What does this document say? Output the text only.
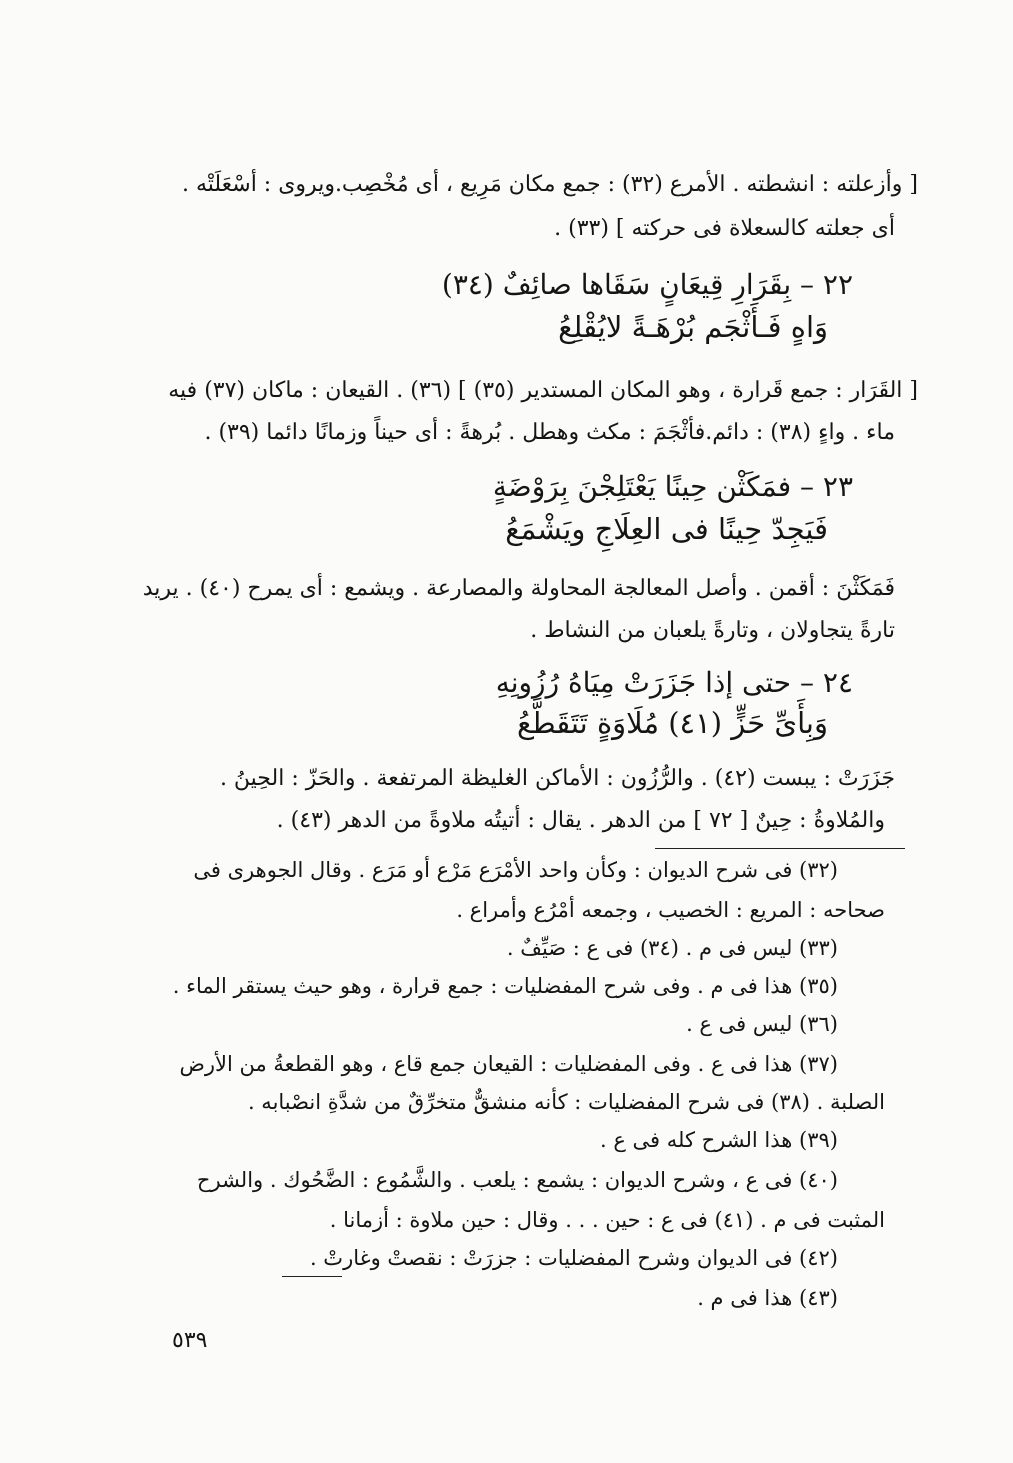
[ وأزعلته : انشطته . الأمرع (٣٢) : جمع مكان مَرِيع ، أى مُخْصِب.ويروى : أسْعَلَتْه .
أى جعلته كالسعلاة فى حركته ] (٣٣) .
٢٢ – بِقَرَارِ قِيعَانٍ سَقَاها صائِفٌ (٣٤)
وَاهٍ فَـأَثْجَم بُرْهَـةً لايُقْلِعُ
[ القَرَار : جمع قَرارة ، وهو المكان المستدير (٣٥) ] (٣٦) . القيعان : ماكان (٣٧) فيه
ماء . واءٍ (٣٨) : دائم.فأثْجَمَ : مكث وهطل . بُرهةً : أى حيناً وزمانًا دائما (٣٩) .
٢٣ – فمَكَثْن حِينًا يَعْتَلِجْنَ بِرَوْضَةٍ
فَيَجِدّ حِينًا فى العِلَاجِ ويَشْمَعُ
فَمَكَثْنَ : أقمن . وأصل المعالجة المحاولة والمصارعة . ويشمع : أى يمرح (٤٠) . يريد
تارةً يتجاولان ، وتارةً يلعبان من النشاط .
٢٤ – حتى إذا جَزَرَتْ مِيَاهُ رُزُونِهِ
وَبِأَىِّ حَزٍّ (٤١) مُلَاوَةٍ تَتَقَطَّعُ
جَزَرَتْ : يبست (٤٢) . والرُّزُون : الأماكن الغليظة المرتفعة . والحَزّ : الحِينُ .
والمُلاوةُ : حِينٌ [ ٧٢ ] من الدهر . يقال : أتيتُه ملاوةً من الدهر (٤٣) .
(٣٢) فى شرح الديوان : وكأن واحد الأمْرَع مَرْع أو مَرَع . وقال الجوهرى فى
صحاحه : المريع : الخصيب ، وجمعه أمْرُع وأمراع .
(٣٣) ليس فى م . (٣٤) فى ع : صَيِّفٌ .
(٣٥) هذا فى م . وفى شرح المفضليات : جمع قرارة ، وهو حيث يستقر الماء .
(٣٦) ليس فى ع .
(٣٧) هذا فى ع . وفى المفضليات : القيعان جمع قاع ، وهو القطعةُ من الأرض
الصلبة . (٣٨) فى شرح المفضليات : كأنه منشقٌّ متخرِّقٌ من شدَّةِ انصْبابه .
(٣٩) هذا الشرح كله فى ع .
(٤٠) فى ع ، وشرح الديوان : يشمع : يلعب . والشَّمُوع : الضَّحُوك . والشرح
المثبت فى م . (٤١) فى ع : حين . . . وقال : حين ملاوة : أزمانا .
(٤٢) فى الديوان وشرح المفضليات : جزرَتْ : نقصتْ وغارتْ .
(٤٣) هذا فى م .
٥٣٩
